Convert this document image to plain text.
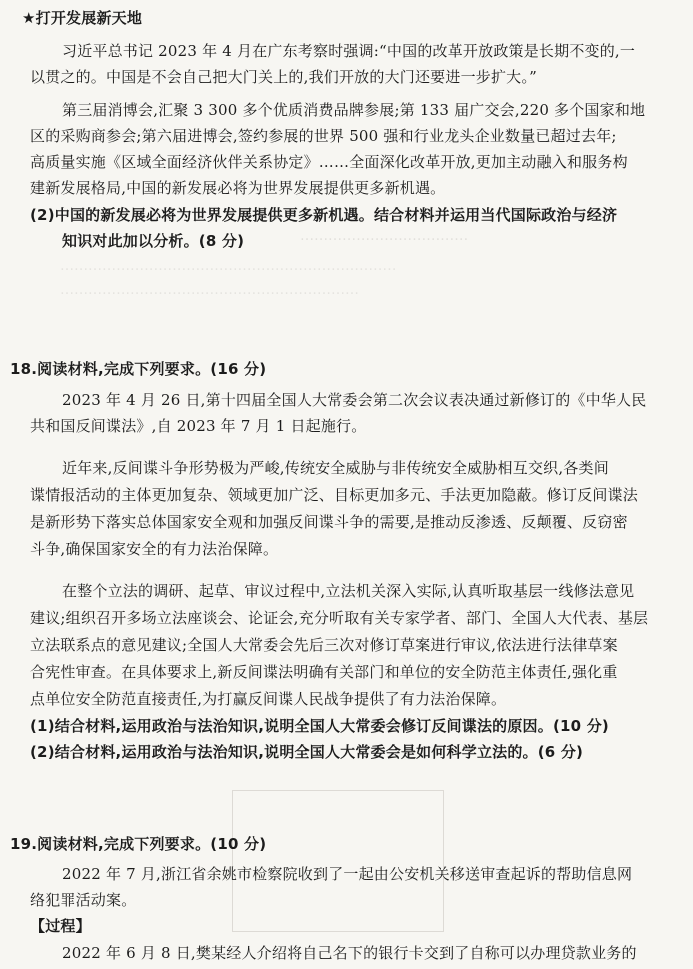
‥‥‥‥‥‥‥‥‥‥‥‥‥‥‥‥‥‥
‥‥‥‥‥‥‥‥‥‥‥‥‥‥‥‥‥‥‥‥‥‥‥‥‥‥‥‥‥‥‥‥‥‥‥‥
‥‥‥‥‥‥‥‥‥‥‥‥‥‥‥‥‥‥‥‥‥‥‥‥‥‥‥‥‥‥‥‥
★打开发展新天地
习近平总书记 2023 年 4 月在广东考察时强调:“中国的改革开放政策是长期不变的,一
以贯之的。中国是不会自己把大门关上的,我们开放的大门还要进一步扩大。”
第三届消博会,汇聚 3 300 多个优质消费品牌参展;第 133 届广交会,220 多个国家和地
区的采购商参会;第六届进博会,签约参展的世界 500 强和行业龙头企业数量已超过去年;
高质量实施《区域全面经济伙伴关系协定》……全面深化改革开放,更加主动融入和服务构
建新发展格局,中国的新发展必将为世界发展提供更多新机遇。
(2)中国的新发展必将为世界发展提供更多新机遇。结合材料并运用当代国际政治与经济
知识对此加以分析。(8 分)
18.阅读材料,完成下列要求。(16 分)
2023 年 4 月 26 日,第十四届全国人大常委会第二次会议表决通过新修订的《中华人民
共和国反间谍法》,自 2023 年 7 月 1 日起施行。
近年来,反间谍斗争形势极为严峻,传统安全威胁与非传统安全威胁相互交织,各类间
谍情报活动的主体更加复杂、领域更加广泛、目标更加多元、手法更加隐蔽。修订反间谍法
是新形势下落实总体国家安全观和加强反间谍斗争的需要,是推动反渗透、反颠覆、反窃密
斗争,确保国家安全的有力法治保障。
在整个立法的调研、起草、审议过程中,立法机关深入实际,认真听取基层一线修法意见
建议;组织召开多场立法座谈会、论证会,充分听取有关专家学者、部门、全国人大代表、基层
立法联系点的意见建议;全国人大常委会先后三次对修订草案进行审议,依法进行法律草案
合宪性审查。在具体要求上,新反间谍法明确有关部门和单位的安全防范主体责任,强化重
点单位安全防范直接责任,为打赢反间谍人民战争提供了有力法治保障。
(1)结合材料,运用政治与法治知识,说明全国人大常委会修订反间谍法的原因。(10 分)
(2)结合材料,运用政治与法治知识,说明全国人大常委会是如何科学立法的。(6 分)
19.阅读材料,完成下列要求。(10 分)
2022 年 7 月,浙江省余姚市检察院收到了一起由公安机关移送审查起诉的帮助信息网
络犯罪活动案。
【过程】
2022 年 6 月 8 日,樊某经人介绍将自己名下的银行卡交到了自称可以办理贷款业务的
